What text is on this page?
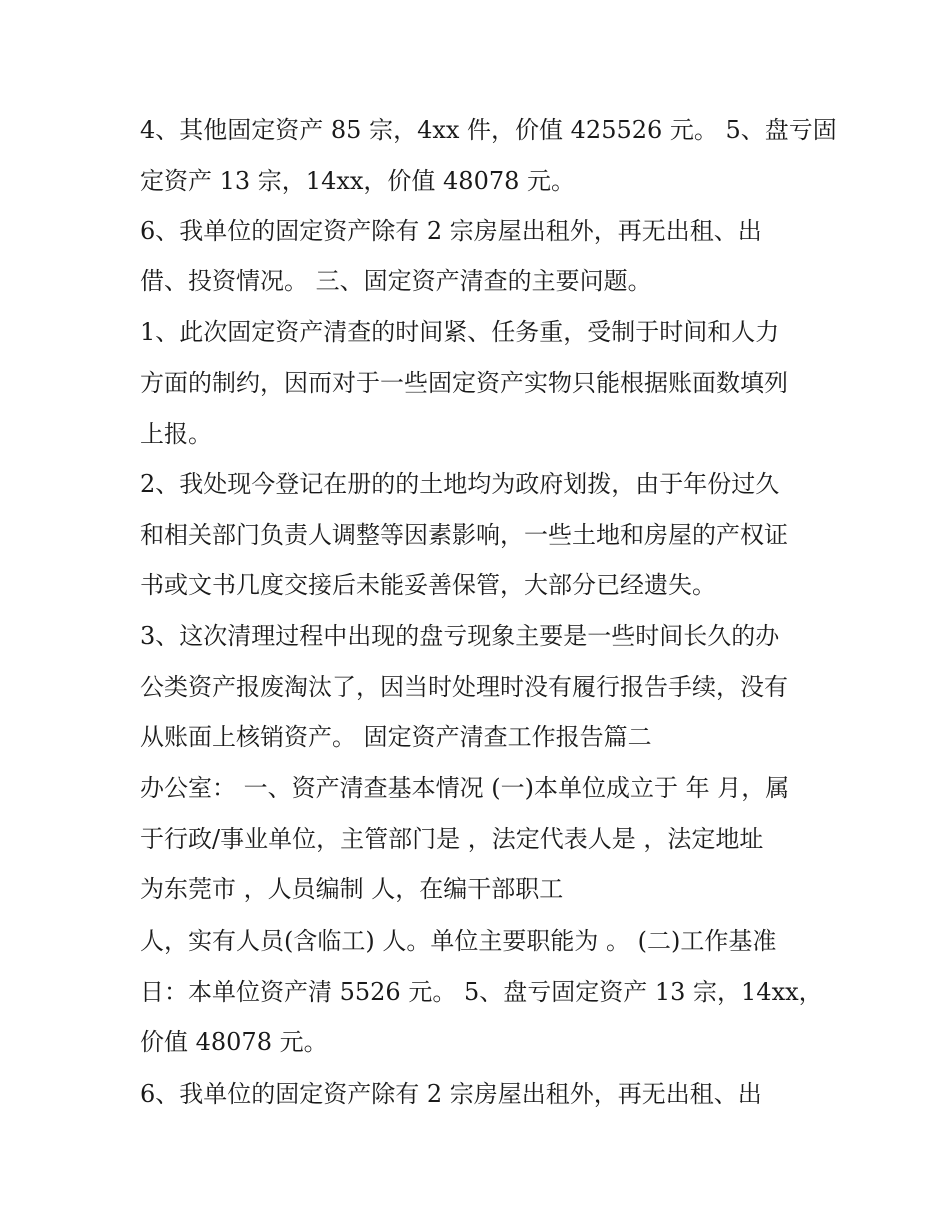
4、其他固定资产 85 宗，4xx 件，价值 425526 元。 5、盘亏固

定资产 13 宗，14xx，价值 48078 元。

6、我单位的固定资产除有 2 宗房屋出租外，再无出租、出

借、投资情况。 三、固定资产清查的主要问题。

1、此次固定资产清查的时间紧、任务重，受制于时间和人力

方面的制约，因而对于一些固定资产实物只能根据账面数填列

上报。

2、我处现今登记在册的的土地均为政府划拨，由于年份过久

和相关部门负责人调整等因素影响，一些土地和房屋的产权证

书或文书几度交接后未能妥善保管，大部分已经遗失。

3、这次清理过程中出现的盘亏现象主要是一些时间长久的办

公类资产报废淘汰了，因当时处理时没有履行报告手续，没有

从账面上核销资产。 固定资产清查工作报告篇二

办公室： 一、资产清查基本情况 (一)本单位成立于 年 月，属

于行政/事业单位，主管部门是 ，法定代表人是 ，法定地址

为东莞市 ，人员编制 人，在编干部职工

人，实有人员(含临工) 人。单位主要职能为 。 (二)工作基准

日：本单位资产清 5526 元。 5、盘亏固定资产 13 宗，14xx，

价值 48078 元。

6、我单位的固定资产除有 2 宗房屋出租外，再无出租、出
